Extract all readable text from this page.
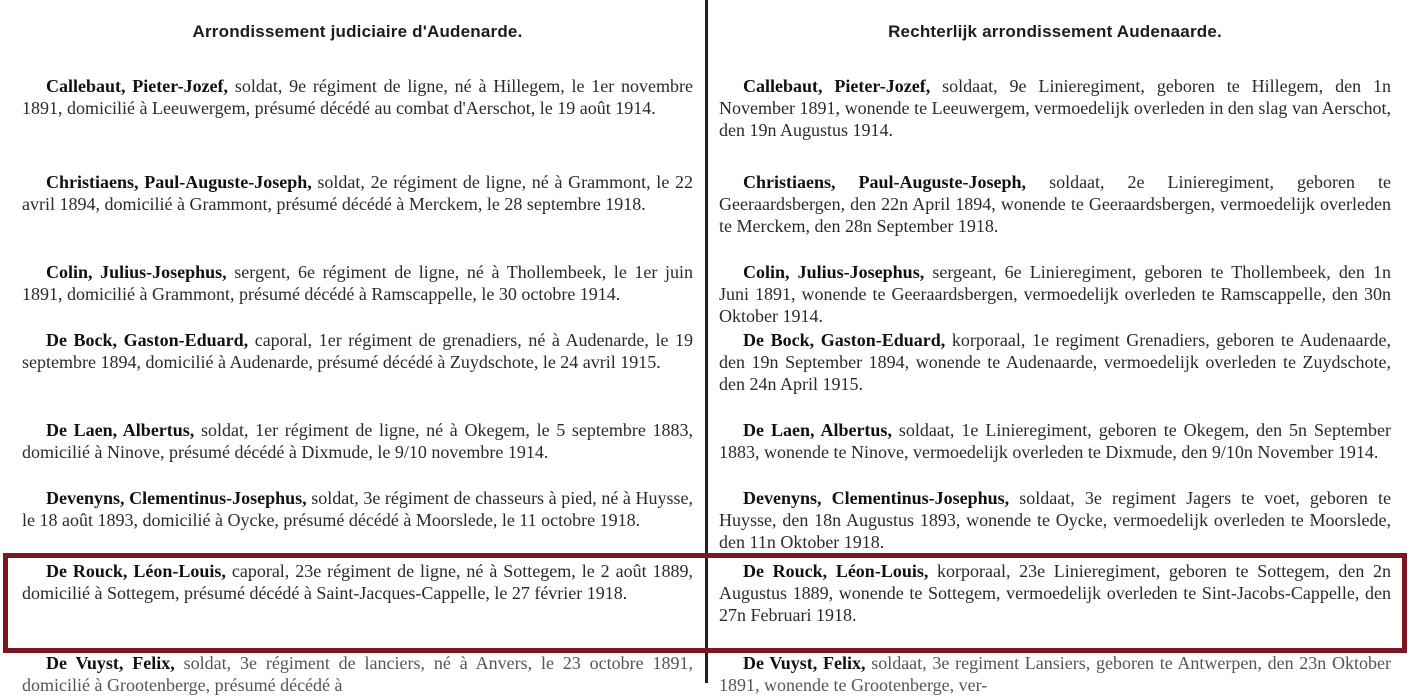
Arrondissement judiciaire d'Audenarde.
Callebaut, Pieter-Jozef, soldat, 9e régiment de ligne, né à Hillegem, le 1er novembre 1891, domicilié à Leeuwergem, présumé décédé au combat d'Aerschot, le 19 août 1914.
Christiaens, Paul-Auguste-Joseph, soldat, 2e régiment de ligne, né à Grammont, le 22 avril 1894, domicilié à Grammont, présumé décédé à Merckem, le 28 septembre 1918.
Colin, Julius-Josephus, sergent, 6e régiment de ligne, né à Thollembeek, le 1er juin 1891, domicilié à Grammont, présumé décédé à Ramscappelle, le 30 octobre 1914.
De Bock, Gaston-Eduard, caporal, 1er régiment de grenadiers, né à Audenarde, le 19 septembre 1894, domicilié à Audenarde, présumé décédé à Zuydschote, le 24 avril 1915.
De Laen, Albertus, soldat, 1er régiment de ligne, né à Okegem, le 5 septembre 1883, domicilié à Ninove, présumé décédé à Dixmude, le 9/10 novembre 1914.
Devenyns, Clementinus-Josephus, soldat, 3e régiment de chasseurs à pied, né à Huysse, le 18 août 1893, domicilié à Oycke, présumé décédé à Moorslede, le 11 octobre 1918.
De Rouck, Léon-Louis, caporal, 23e régiment de ligne, né à Sottegem, le 2 août 1889, domicilié à Sottegem, présumé décédé à Saint-Jacques-Cappelle, le 27 février 1918.
De Vuyst, Felix, soldat, 3e régiment de lanciers, né à Anvers, le 23 octobre 1891, domicilié à Grootenberge, présumé décédé à
Rechterlijk arrondissement Audenaarde.
Callebaut, Pieter-Jozef, soldaat, 9e Linieregiment, geboren te Hillegem, den 1n November 1891, wonende te Leeuwergem, vermoedelijk overleden in den slag van Aerschot, den 19n Augustus 1914.
Christiaens, Paul-Auguste-Joseph, soldaat, 2e Linieregiment, geboren te Geeraardsbergen, den 22n April 1894, wonende te Geeraardsbergen, vermoedelijk overleden te Merckem, den 28n September 1918.
Colin, Julius-Josephus, sergeant, 6e Linieregiment, geboren te Thollembeek, den 1n Juni 1891, wonende te Geeraardsbergen, vermoedelijk overleden te Ramscappelle, den 30n Oktober 1914.
De Bock, Gaston-Eduard, korporaal, 1e regiment Grenadiers, geboren te Audenaarde, den 19n September 1894, wonende te Audenaarde, vermoedelijk overleden te Zuydschote, den 24n April 1915.
De Laen, Albertus, soldaat, 1e Linieregiment, geboren te Okegem, den 5n September 1883, wonende te Ninove, vermoedelijk overleden te Dixmude, den 9/10n November 1914.
Devenyns, Clementinus-Josephus, soldaat, 3e regiment Jagers te voet, geboren te Huysse, den 18n Augustus 1893, wonende te Oycke, vermoedelijk overleden te Moorslede, den 11n Oktober 1918.
De Rouck, Léon-Louis, korporaal, 23e Linieregiment, geboren te Sottegem, den 2n Augustus 1889, wonende te Sottegem, vermoedelijk overleden te Sint-Jacobs-Cappelle, den 27n Februari 1918.
De Vuyst, Felix, soldaat, 3e regiment Lansiers, geboren te Antwerpen, den 23n Oktober 1891, wonende te Grootenberge, ver-
